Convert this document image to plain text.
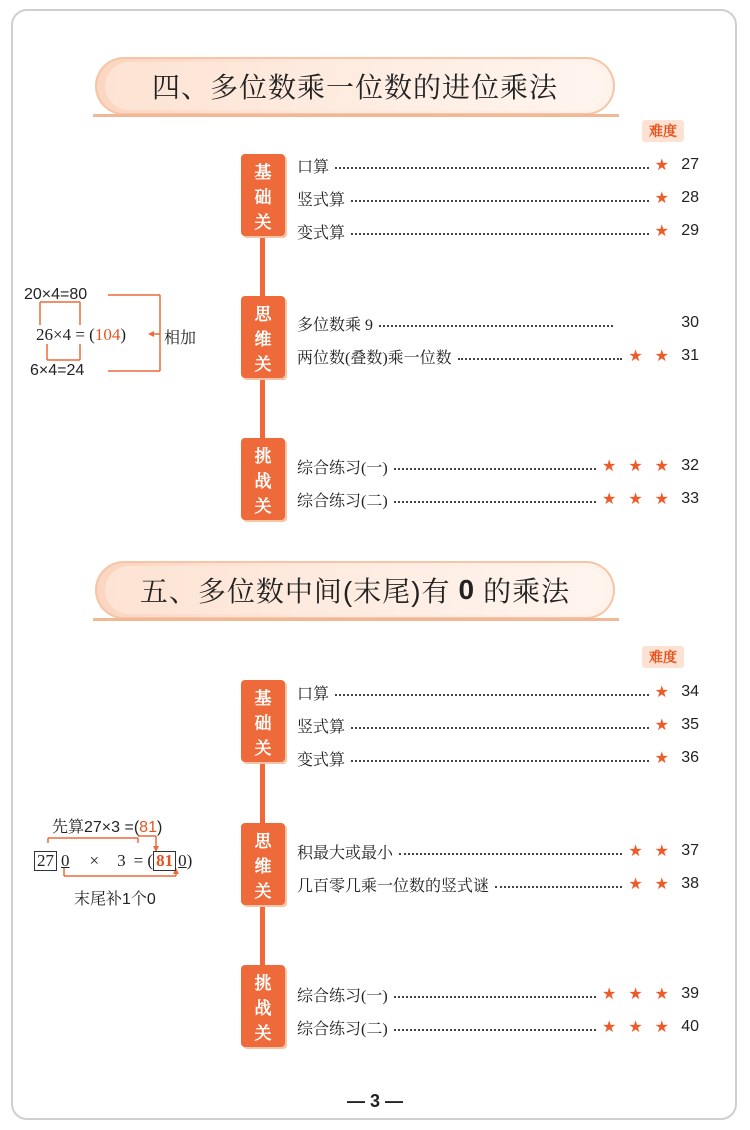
四、多位数乘一位数的进位乘法
难度
基
础
关
思
维
关
挑
战
关
口算	★ 27
竖式算	★ 28
变式算	★ 29
多位数乘 9	30
两位数(叠数)乘一位数	★ ★ 31
综合练习(一)	★ ★ ★ 32
综合练习(二)	★ ★ ★ 33
20×4=80
26×4 = (104) 相加
6×4=24
五、多位数中间(末尾)有 0 的乘法
难度
基
础
关
思
维
关
挑
战
关
口算	★ 34
竖式算	★ 35
变式算	★ 36
积最大或最小	★ ★ 37
几百零几乘一位数的竖式谜	★ ★ 38
综合练习(一)	★ ★ ★ 39
综合练习(二)	★ ★ ★ 40
先算27×3 =(81)
27 0 × 3 = ( 81 0 )
末尾补1个0
— 3 —
